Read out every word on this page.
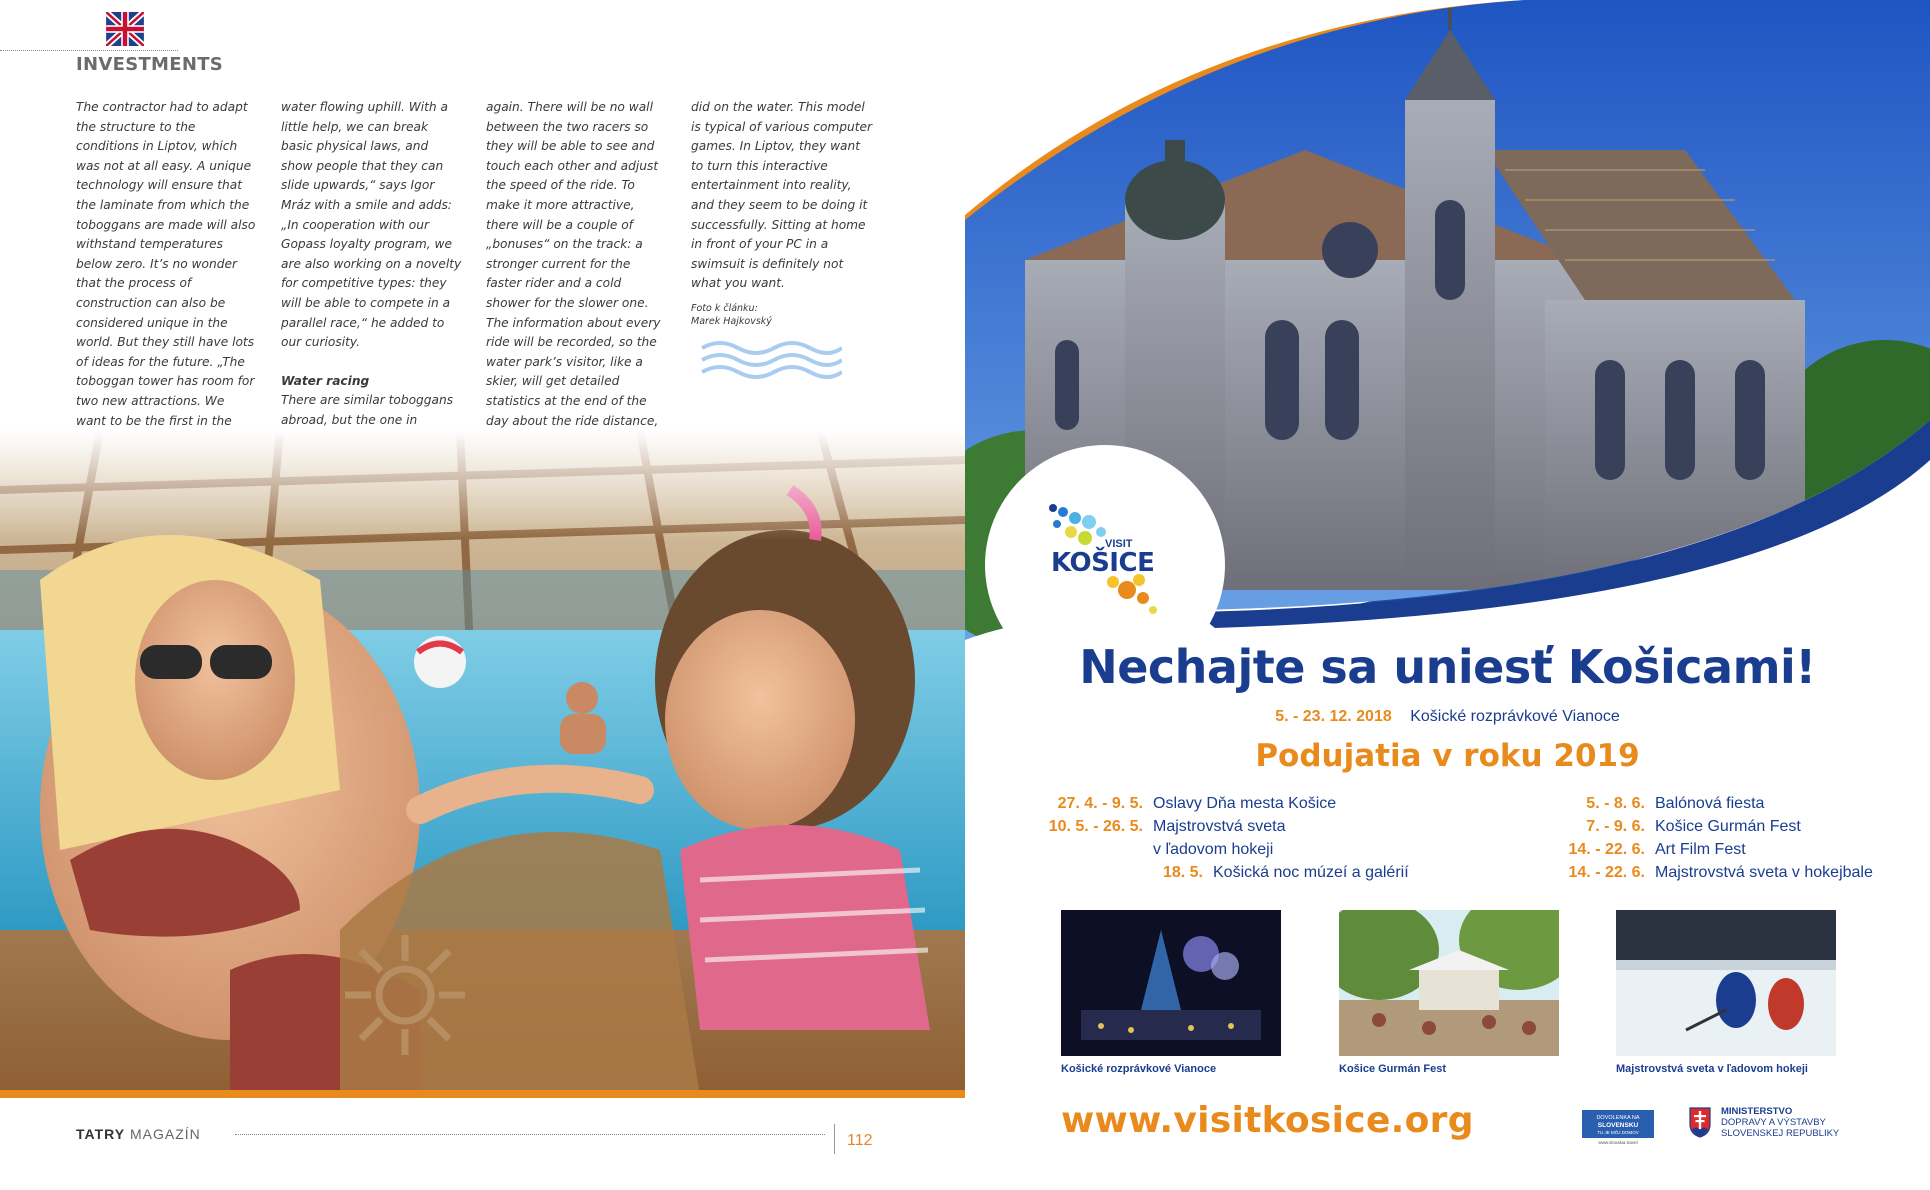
INVESTMENTS

The contractor had to adapt the structure to the conditions in Liptov, which was not at all easy. A unique technology will ensure that the laminate from which the toboggans are made will also withstand temperatures below zero. It’s no wonder that the process of construction can also be considered unique in the world. But they still have lots of ideas for the future. „The toboggan tower has room for two new attractions. We want to be the first in the

water flowing uphill. With a little help, we can break basic physical laws, and show people that they can slide upwards,“ says Igor Mráz with a smile and adds: „In cooperation with our Gopass loyalty program, we are also working on a novelty for competitive types: they will be able to compete in a parallel race,“ he added to our curiosity.

Water racing

There are similar toboggans abroad, but the one in

again. There will be no wall between the two racers so they will be able to see and touch each other and adjust the speed of the ride. To make it more attractive, there will be a couple of „bonuses“ on the track: a stronger current for the faster rider and a cold shower for the slower one. The information about every ride will be recorded, so the water park’s visitor, like a skier, will get detailed statistics at the end of the day about the ride distance,

did on the water. This model is typical of various computer games. In Liptov, they want to turn this interactive entertainment into reality, and they seem to be doing it successfully. Sitting at home in front of your PC in a swimsuit is definitely not what you want.

Foto k článku:
Marek Hajkovský

TATRY MAGAZÍN	112
VISIT
KOŠICE
Nechajte sa uniesť Košicami!
5. - 23. 12. 2018 Košické rozprávkové Vianoce
Podujatia v roku 2019
27. 4. - 9. 5. Oslavy Dňa mesta Košice
10. 5. - 26. 5. Majstrovstvá sveta
v ľadovom hokeji
18. 5. Košická noc múzeí a galérií
5. - 8. 6. Balónová fiesta
7. - 9. 6. Košice Gurmán Fest
14. - 22. 6. Art Film Fest
14. - 22. 6. Majstrovstvá sveta v hokejbale
Košické rozprávkové Vianoce	Košice Gurmán Fest	Majstrovstvá sveta v ľadovom hokeji
www.visitkosice.org	DOVOLENKA NA
SLOVENSKU
TU JE MÔJ DOMOV
www.slovakia.travel
MINISTERSTVO
DOPRAVY A VÝSTAVBY
SLOVENSKEJ REPUBLIKY
